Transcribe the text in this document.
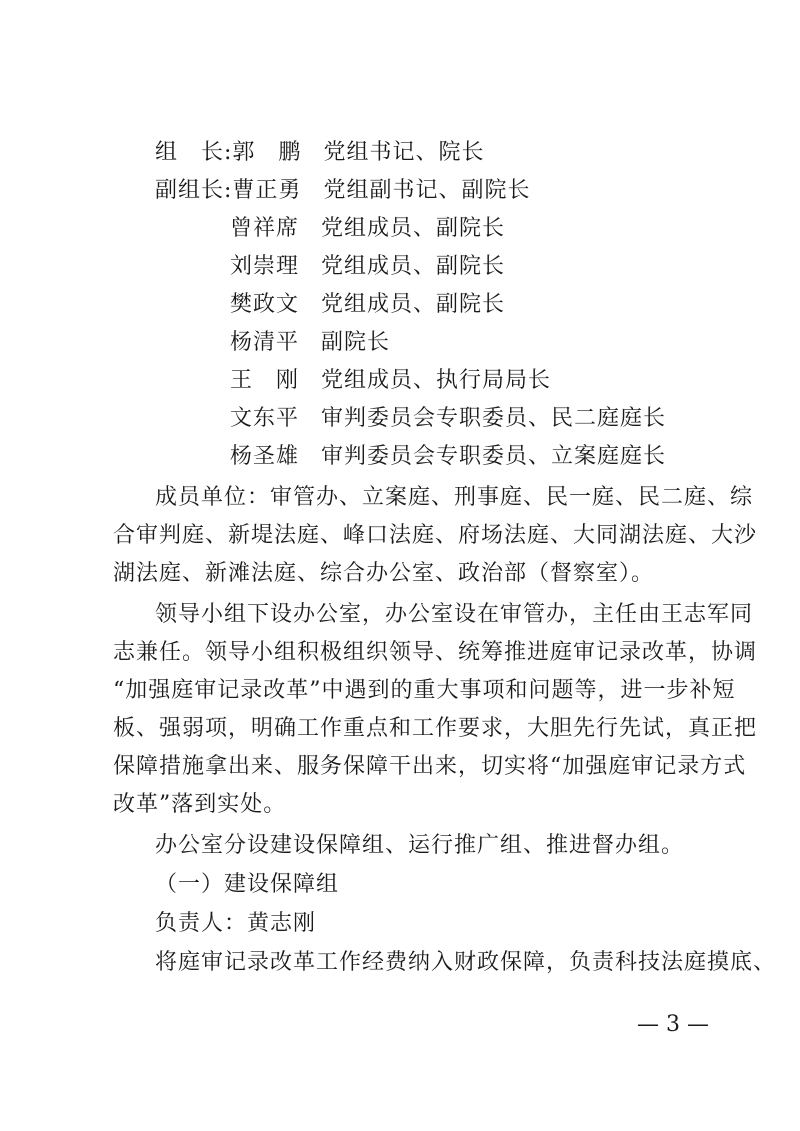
组　长:郭　鹏 党组书记、院长
副组长:曹正勇 党组副书记、副院长
曾祥席 党组成员、副院长
刘崇理 党组成员、副院长
樊政文 党组成员、副院长
杨清平 副院长
王　刚 党组成员、执行局局长
文东平 审判委员会专职委员、民二庭庭长
杨圣雄 审判委员会专职委员、立案庭庭长
成员单位：审管办、立案庭、刑事庭、民一庭、民二庭、综
合审判庭、新堤法庭、峰口法庭、府场法庭、大同湖法庭、大沙
湖法庭、新滩法庭、综合办公室、政治部（督察室）。
领导小组下设办公室，办公室设在审管办，主任由王志军同
志兼任。领导小组积极组织领导、统筹推进庭审记录改革，协调
“加强庭审记录改革”中遇到的重大事项和问题等，进一步补短
板、强弱项，明确工作重点和工作要求，大胆先行先试，真正把
保障措施拿出来、服务保障干出来，切实将“加强庭审记录方式
改革”落到实处。
办公室分设建设保障组、运行推广组、推进督办组。
（一）建设保障组
负责人：黄志刚
将庭审记录改革工作经费纳入财政保障，负责科技法庭摸底、
— 3 —
